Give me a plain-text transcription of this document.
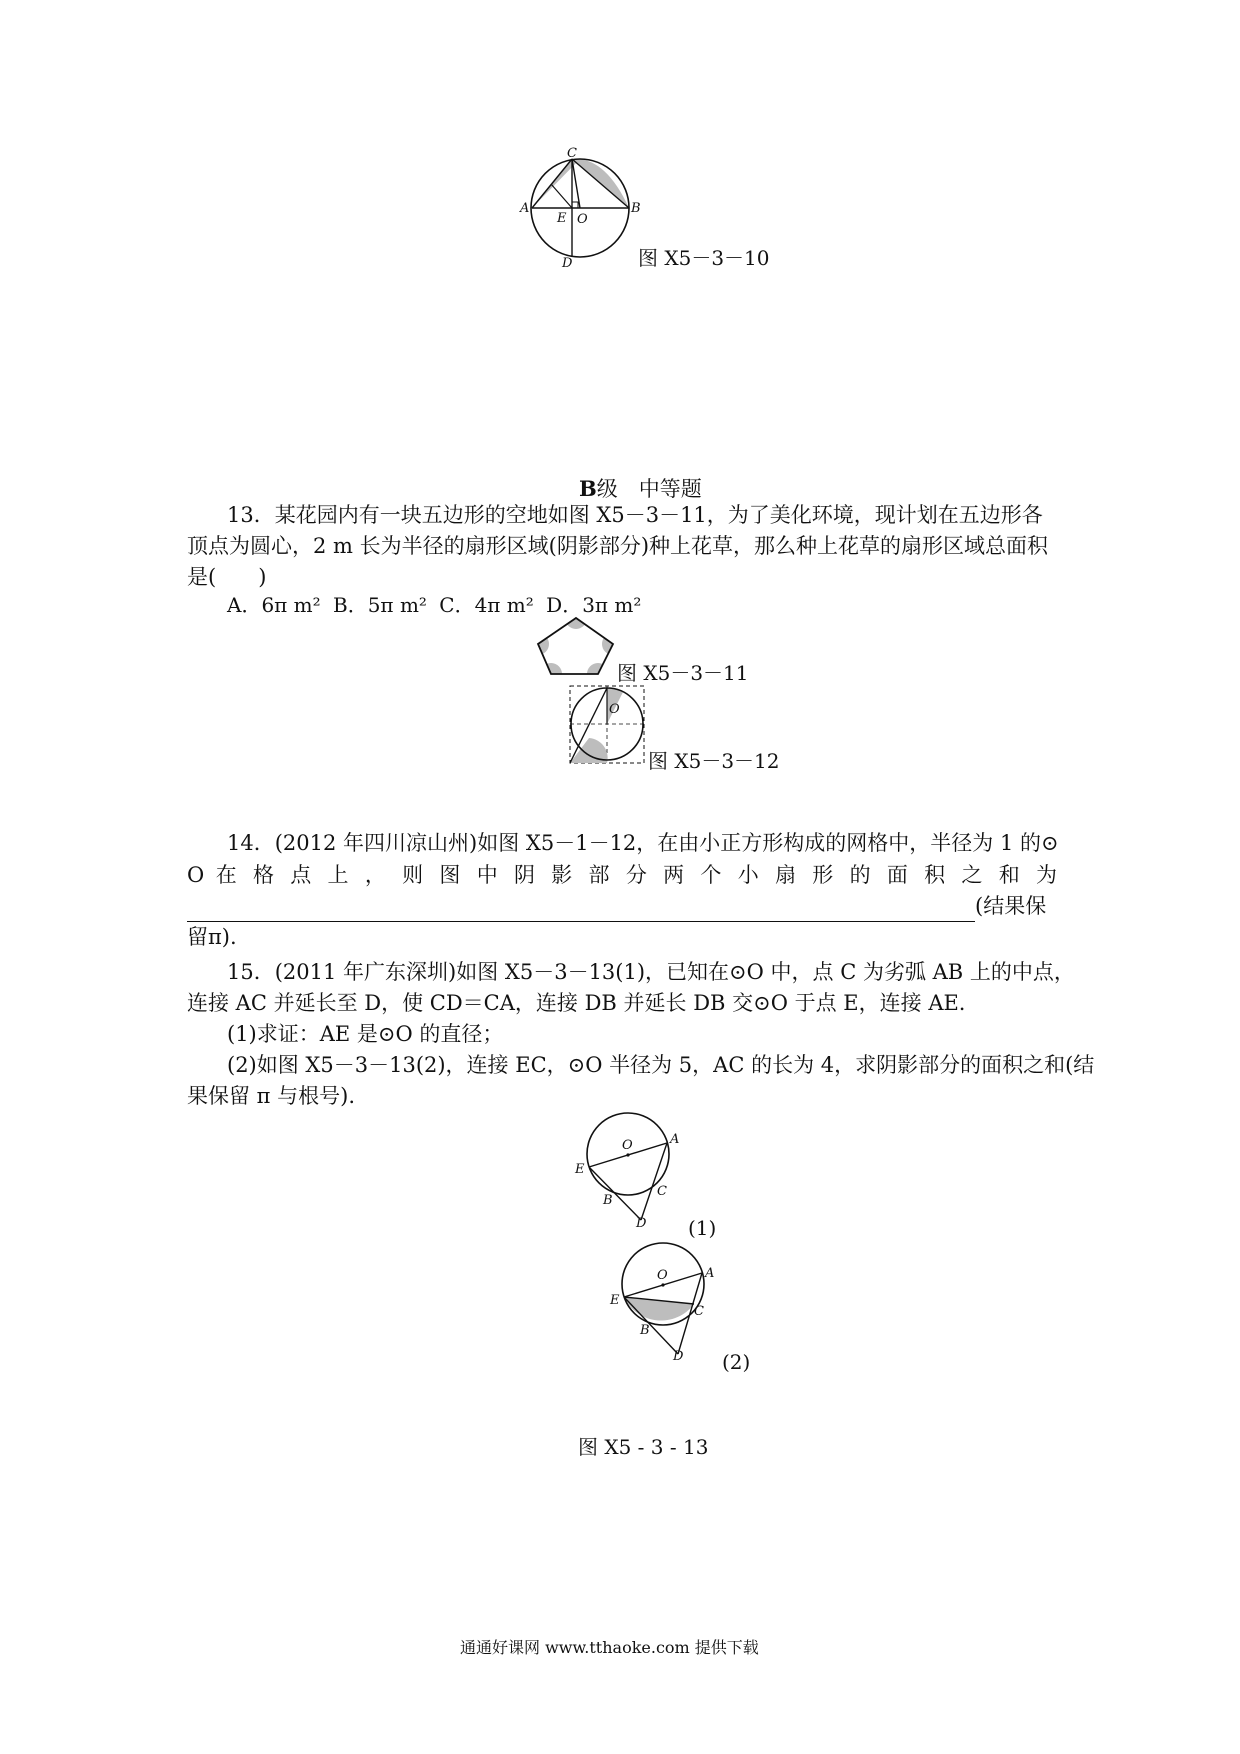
C
A
E O
B
D	图 X5－3－10
B级　中等题
13．某花园内有一块五边形的空地如图 X5－3－11，为了美化环境，现计划在五边形各
顶点为圆心，2 m 长为半径的扇形区域(阴影部分)种上花草，那么种上花草的扇形区域总面积
是(　　)
A．6π m² B．5π m² C．4π m² D．3π m²
图 X5－3－11
O
图 X5－3－12
14．(2012 年四川凉山州)如图 X5－1－12，在由小正方形构成的网格中，半径为 1 的⊙
O 在 格 点 上 ， 则 图 中 阴 影 部 分 两 个 小 扇 形 的 面 积 之 和 为
(结果保
留π).
15．(2011 年广东深圳)如图 X5－3－13(1)，已知在⊙O 中，点 C 为劣弧 AB 上的中点，
连接 AC 并延长至 D，使 CD＝CA，连接 DB 并延长 DB 交⊙O 于点 E，连接 AE.
(1)求证：AE 是⊙O 的直径；
(2)如图 X5－3－13(2)，连接 EC，⊙O 半径为 5，AC 的长为 4，求阴影部分的面积之和(结
果保留 π 与根号).
O	A
E
B
C
D (1)
O	A
E
B
C
D (2)
图 X5 - 3 - 13
通通好课网 www.tthaoke.com 提供下载
